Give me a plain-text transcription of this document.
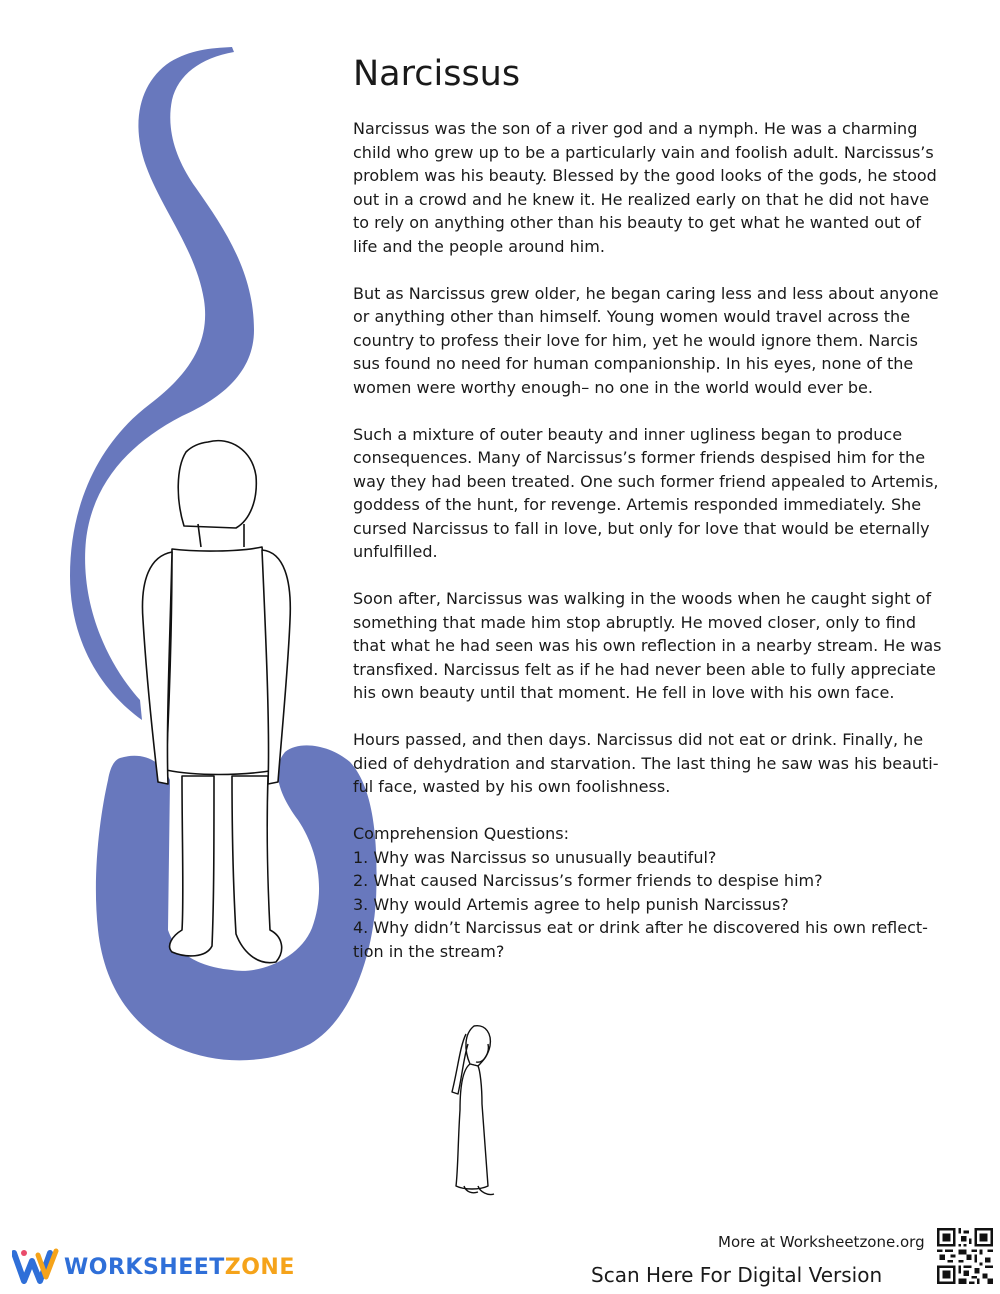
Narcissus

Narcissus was the son of a river god and a nymph. He was a charming
child who grew up to be a particularly vain and foolish adult. Narcissus’s
problem was his beauty. Blessed by the good looks of the gods, he stood
out in a crowd and he knew it. He realized early on that he did not have
to rely on anything other than his beauty to get what he wanted out of
life and the people around him.

But as Narcissus grew older, he began caring less and less about anyone
or anything other than himself. Young women would travel across the
country to profess their love for him, yet he would ignore them. Narcis
sus found no need for human companionship. In his eyes, none of the
women were worthy enough– no one in the world would ever be.

Such a mixture of outer beauty and inner ugliness began to produce
consequences. Many of Narcissus’s former friends despised him for the
way they had been treated. One such former friend appealed to Artemis,
goddess of the hunt, for revenge. Artemis responded immediately. She
cursed Narcissus to fall in love, but only for love that would be eternally
unfulfilled.

Soon after, Narcissus was walking in the woods when he caught sight of
something that made him stop abruptly. He moved closer, only to find
that what he had seen was his own reflection in a nearby stream. He was
transfixed. Narcissus felt as if he had never been able to fully appreciate
his own beauty until that moment. He fell in love with his own face.

Hours passed, and then days. Narcissus did not eat or drink. Finally, he
died of dehydration and starvation. The last thing he saw was his beauti-
ful face, wasted by his own foolishness.

Comprehension Questions:

1. Why was Narcissus so unusually beautiful?

2. What caused Narcissus’s former friends to despise him?

3. Why would Artemis agree to help punish Narcissus?

4. Why didn’t Narcissus eat or drink after he discovered his own reflect-
tion in the stream?

WORKSHEETZONE
More at Worksheetzone.org
Scan Here For Digital Version
